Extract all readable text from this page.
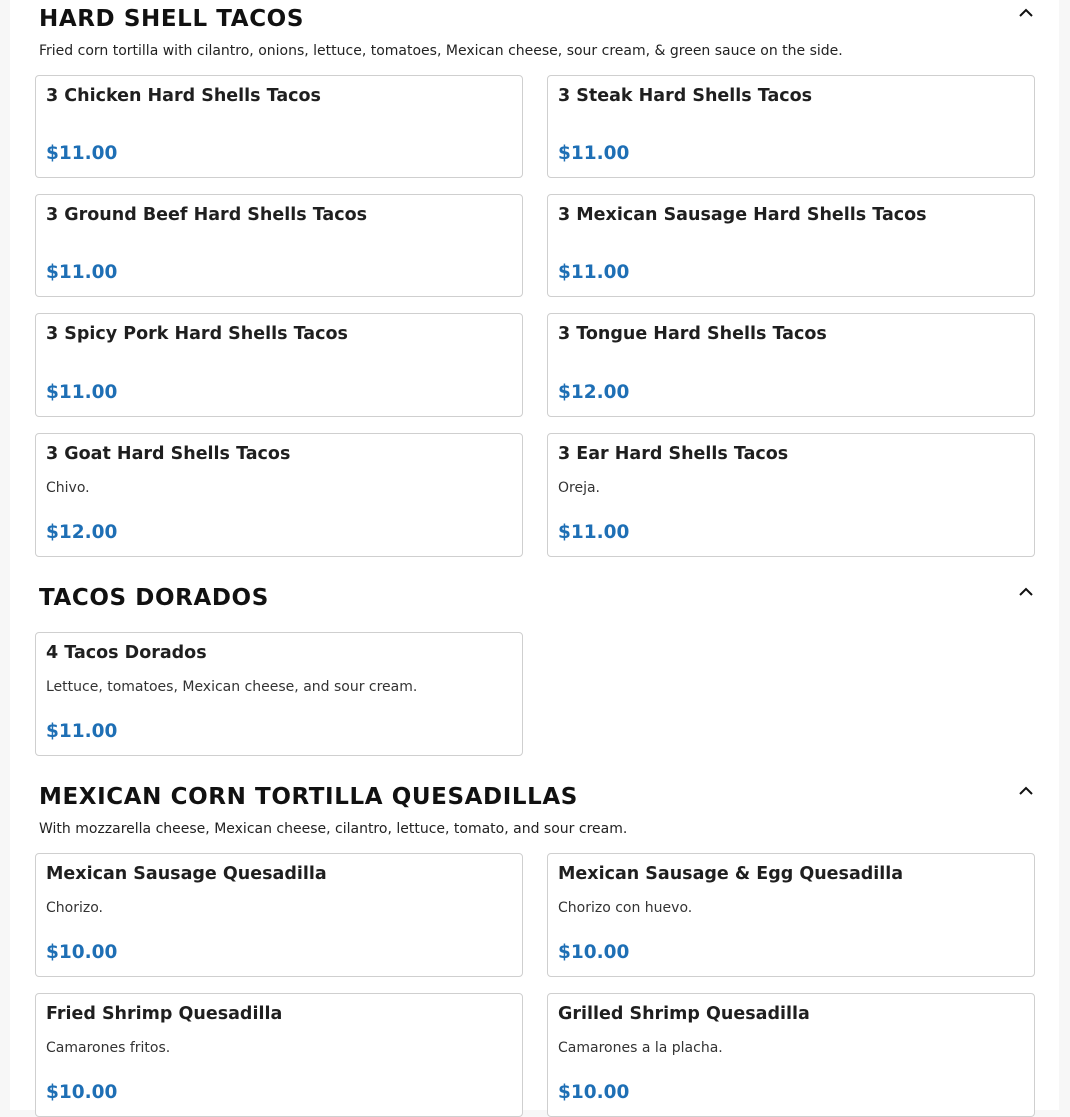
HARD SHELL TACOS
Fried corn tortilla with cilantro, onions, lettuce, tomatoes, Mexican cheese, sour cream, & green sauce on the side.
3 Chicken Hard Shells Tacos
$11.00
3 Steak Hard Shells Tacos
$11.00
3 Ground Beef Hard Shells Tacos
$11.00
3 Mexican Sausage Hard Shells Tacos
$11.00
3 Spicy Pork Hard Shells Tacos
$11.00
3 Tongue Hard Shells Tacos
$12.00
3 Goat Hard Shells Tacos
Chivo.
$12.00
3 Ear Hard Shells Tacos
Oreja.
$11.00
TACOS DORADOS
4 Tacos Dorados
Lettuce, tomatoes, Mexican cheese, and sour cream.
$11.00
MEXICAN CORN TORTILLA QUESADILLAS
With mozzarella cheese, Mexican cheese, cilantro, lettuce, tomato, and sour cream.
Mexican Sausage Quesadilla
Chorizo.
$10.00
Mexican Sausage & Egg Quesadilla
Chorizo con huevo.
$10.00
Fried Shrimp Quesadilla
Camarones fritos.
$10.00
Grilled Shrimp Quesadilla
Camarones a la placha.
$10.00
